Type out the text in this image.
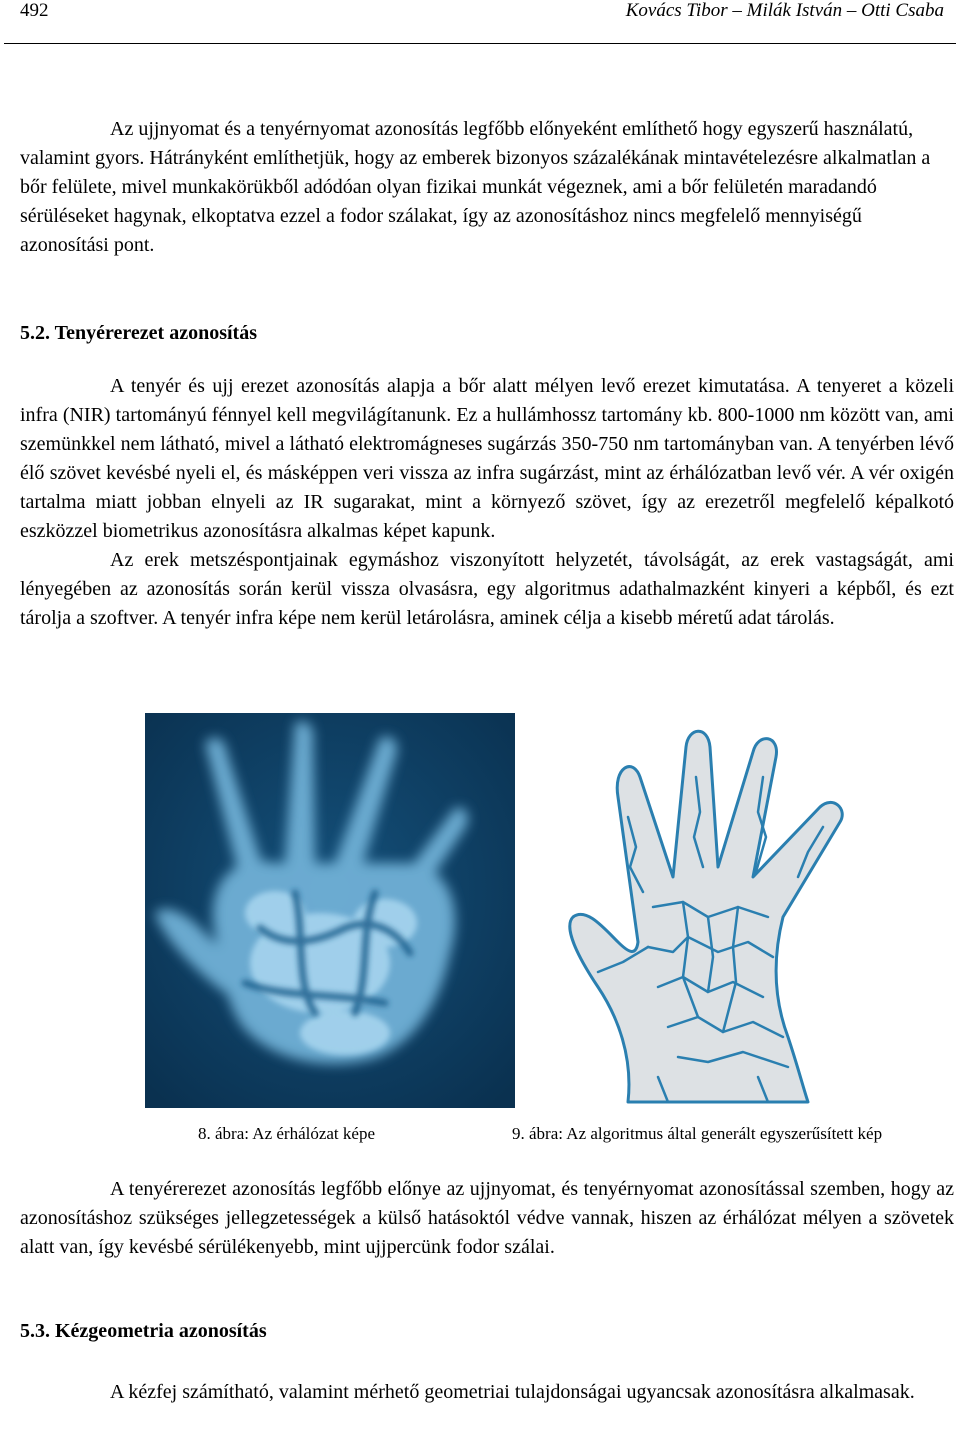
492	Kovács Tibor – Milák István – Otti Csaba

Az ujjnyomat és a tenyérnyomat azonosítás legfőbb előnyeként említhető hogy egyszerű használatú, valamint gyors. Hátrányként említhetjük, hogy az emberek bizonyos százalékának mintavételezésre alkalmatlan a bőr felülete, mivel munkakörükből adódóan olyan fizikai munkát végeznek, ami a bőr felületén maradandó sérüléseket hagynak, elkoptatva ezzel a fodor szálakat, így az azonosításhoz nincs megfelelő mennyiségű azonosítási pont.

5.2. Tenyérerezet azonosítás

A tenyér és ujj erezet azonosítás alapja a bőr alatt mélyen levő erezet kimutatása. A tenyeret a közeli infra (NIR) tartományú fénnyel kell megvilágítanunk. Ez a hullámhossz tartomány kb. 800-1000 nm között van, ami szemünkkel nem látható, mivel a látható elektromágneses sugárzás 350-750 nm tartományban van. A tenyérben lévő élő szövet kevésbé nyeli el, és másképpen veri vissza az infra sugárzást, mint az érhálózatban levő vér. A vér oxigén tartalma miatt jobban elnyeli az IR sugarakat, mint a környező szövet, így az erezetről megfelelő képalkotó eszközzel biometrikus azonosításra alkalmas képet kapunk.

Az erek metszéspontjainak egymáshoz viszonyított helyzetét, távolságát, az erek vastagságát, ami lényegében az azonosítás során kerül vissza olvasásra, egy algoritmus adathalmazként kinyeri a képből, és ezt tárolja a szoftver. A tenyér infra képe nem kerül letárolásra, aminek célja a kisebb méretű adat tárolás.

8. ábra: Az érhálózat képe	9. ábra: Az algoritmus által generált egyszerűsített kép

A tenyérerezet azonosítás legfőbb előnye az ujjnyomat, és tenyérnyomat azonosítással szemben, hogy az azonosításhoz szükséges jellegzetességek a külső hatásoktól védve vannak, hiszen az érhálózat mélyen a szövetek alatt van, így kevésbé sérülékenyebb, mint ujjpercünk fodor szálai.

5.3. Kézgeometria azonosítás

A kézfej számítható, valamint mérhető geometriai tulajdonságai ugyancsak azonosításra alkalmasak.
